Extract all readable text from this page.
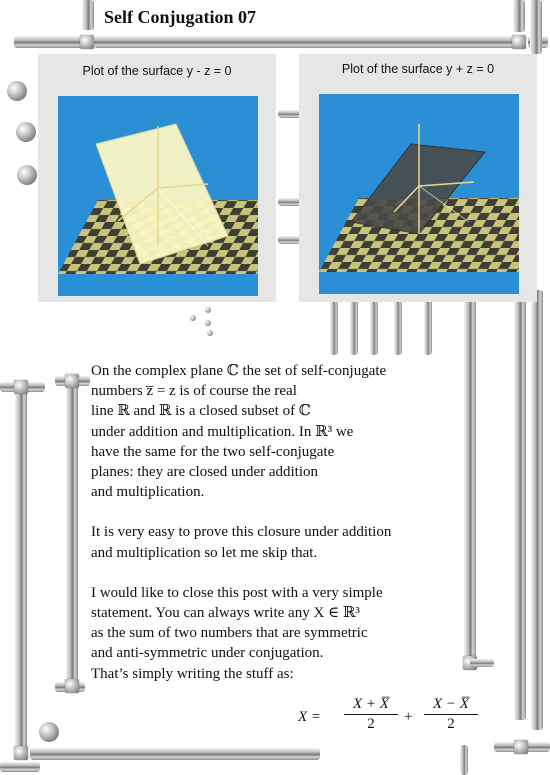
Self Conjugation 07
Plot of the surface y - z = 0	Plot of the surface y + z = 0

On the complex plane ℂ the set of self-conjugate
numbers z̅ = z is of course the real
line ℝ and ℝ is a closed subset of ℂ
under addition and multiplication. In ℝ³ we
have the same for the two self-conjugate
planes: they are closed under addition
and multiplication.

It is very easy to prove this closure under addition
and multiplication so let me skip that.

I would like to close this post with a very simple
statement. You can always write any X ∈ ℝ³
as the sum of two numbers that are symmetric
and anti-symmetric under conjugation.
That’s simply writing the stuff as:

X =
X + X̅
2	+
X − X̅
2
